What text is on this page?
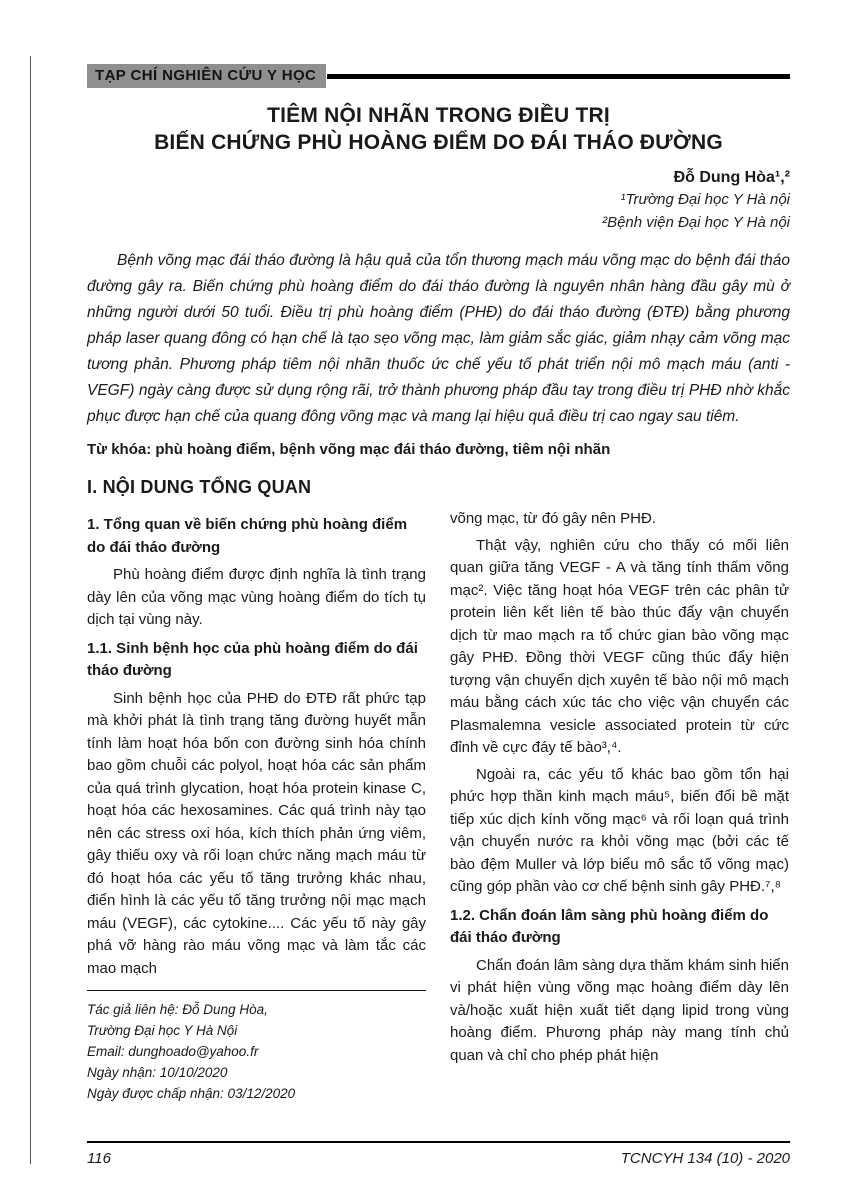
TẠP CHÍ NGHIÊN CỨU Y HỌC
TIÊM NỘI NHÃN TRONG ĐIỀU TRỊ
BIẾN CHỨNG PHÙ HOÀNG ĐIỂM DO ĐÁI THÁO ĐƯỜNG
Đỗ Dung Hòa¹,²
¹Trường Đại học Y Hà nội
²Bệnh viện Đại học Y Hà nội

Bệnh võng mạc đái tháo đường là hậu quả của tổn thương mạch máu võng mạc do bệnh đái tháo đường gây ra. Biến chứng phù hoàng điểm do đái tháo đường là nguyên nhân hàng đầu gây mù ở những người dưới 50 tuổi. Điều trị phù hoàng điểm (PHĐ) do đái tháo đường (ĐTĐ) bằng phương pháp laser quang đông có hạn chế là tạo sẹo võng mạc, làm giảm sắc giác, giảm nhạy cảm võng mạc tương phản. Phương pháp tiêm nội nhãn thuốc ức chế yếu tố phát triển nội mô mạch máu (anti - VEGF) ngày càng được sử dụng rộng rãi, trở thành phương pháp đầu tay trong điều trị PHĐ nhờ khắc phục được hạn chế của quang đông võng mạc và mang lại hiệu quả điều trị cao ngay sau tiêm.

Từ khóa: phù hoàng điểm, bệnh võng mạc đái tháo đường, tiêm nội nhãn
I. NỘI DUNG TỔNG QUAN
1. Tổng quan về biến chứng phù hoàng điểm do đái tháo đường

Phù hoàng điểm được định nghĩa là tình trạng dày lên của võng mạc vùng hoàng điểm do tích tụ dịch tại vùng này.

1.1. Sinh bệnh học của phù hoàng điểm do đái tháo đường

Sinh bệnh học của PHĐ do ĐTĐ rất phức tạp mà khởi phát là tình trạng tăng đường huyết mẫn tính làm hoạt hóa bốn con đường sinh hóa chính bao gồm chuỗi các polyol, hoạt hóa các sản phẩm của quá trình glycation, hoạt hóa protein kinase C, hoạt hóa các hexosamines. Các quá trình này tạo nên các stress oxi hóa, kích thích phản ứng viêm, gây thiếu oxy và rối loạn chức năng mạch máu từ đó hoạt hóa các yếu tố tăng trưởng khác nhau, điển hình là các yếu tố tăng trưởng nội mạc mạch máu (VEGF), các cytokine.... Các yếu tố này gây phá vỡ hàng rào máu võng mạc và làm tắc các mao mạch

Tác giả liên hệ: Đỗ Dung Hòa,
Trường Đại học Y Hà Nội
Email: dunghoado@yahoo.fr
Ngày nhận: 10/10/2020
Ngày được chấp nhận: 03/12/2020

võng mạc, từ đó gây nên PHĐ.

Thật vậy, nghiên cứu cho thấy có mối liên quan giữa tăng VEGF - A và tăng tính thấm võng mạc². Việc tăng hoạt hóa VEGF trên các phân tử protein liên kết liên tế bào thúc đẩy vận chuyển dịch từ mao mạch ra tổ chức gian bào võng mạc gây PHĐ. Đồng thời VEGF cũng thúc đẩy hiện tượng vận chuyển dịch xuyên tế bào nội mô mạch máu bằng cách xúc tác cho việc vận chuyển các Plasmalemna vesicle associated protein từ cức đỉnh về cực đáy tế bào³,⁴.

Ngoài ra, các yếu tố khác bao gồm tổn hại phức hợp thần kinh mạch máu⁵, biến đổi bề mặt tiếp xúc dịch kính võng mạc⁶ và rối loạn quá trình vận chuyển nước ra khỏi võng mạc (bởi các tế bào đệm Muller và lớp biểu mô sắc tố võng mạc) cũng góp phần vào cơ chế bệnh sinh gây PHĐ.⁷,⁸

1.2. Chẩn đoán lâm sàng phù hoàng điểm do đái tháo đường

Chẩn đoán lâm sàng dựa thăm khám sinh hiển vi phát hiện vùng võng mạc hoàng điểm dày lên và/hoặc xuất hiện xuất tiết dạng lipid trong vùng hoàng điểm. Phương pháp này mang tính chủ quan và chỉ cho phép phát hiện

116	TCNCYH 134 (10) - 2020
